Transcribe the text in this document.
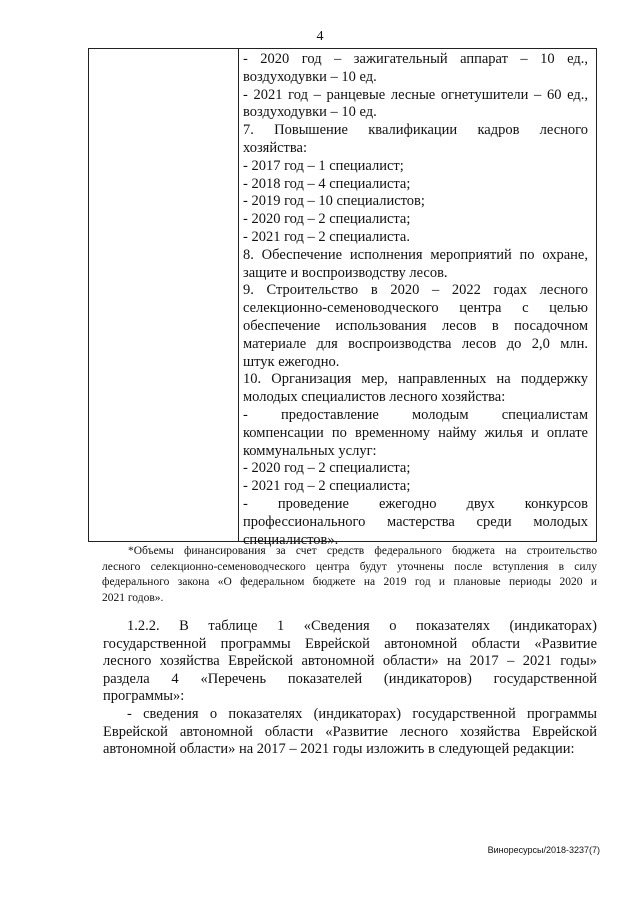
4
- 2020 год – зажигательный аппарат – 10 ед.,
воздуходувки – 10 ед.
- 2021 год – ранцевые лесные огнетушители – 60 ед.,
воздуходувки – 10 ед.
7. Повышение квалификации кадров лесного
хозяйства:
- 2017 год – 1 специалист;
- 2018 год – 4 специалиста;
- 2019 год – 10 специалистов;
- 2020 год – 2 специалиста;
- 2021 год – 2 специалиста.
8. Обеспечение исполнения мероприятий по охране,
защите и воспроизводству лесов.
9. Строительство в 2020 – 2022 годах лесного
селекционно-семеноводческого центра с целью
обеспечение использования лесов в посадочном
материале для воспроизводства лесов до 2,0 млн.
штук ежегодно.
10. Организация мер, направленных на поддержку
молодых специалистов лесного хозяйства:
- предоставление молодым специалистам
компенсации по временному найму жилья и оплате
коммунальных услуг:
- 2020 год – 2 специалиста;
- 2021 год – 2 специалиста;
- проведение ежегодно двух конкурсов
профессионального мастерства среди молодых
специалистов».
*Объемы финансирования за счет средств федерального бюджета на строительство
лесного селекционно-семеноводческого центра будут уточнены после вступления в силу
федерального закона «О федеральном бюджете на 2019 год и плановые периоды 2020 и
2021 годов».
1.2.2. В таблице 1 «Сведения о показателях (индикаторах)
государственной программы Еврейской автономной области «Развитие
лесного хозяйства Еврейской автономной области» на 2017 – 2021 годы»
раздела 4 «Перечень показателей (индикаторов) государственной
программы»:
- сведения о показателях (индикаторах) государственной программы
Еврейской автономной области «Развитие лесного хозяйства Еврейской
автономной области» на 2017 – 2021 годы изложить в следующей редакции:
Виноресурсы/2018-3237(7)
